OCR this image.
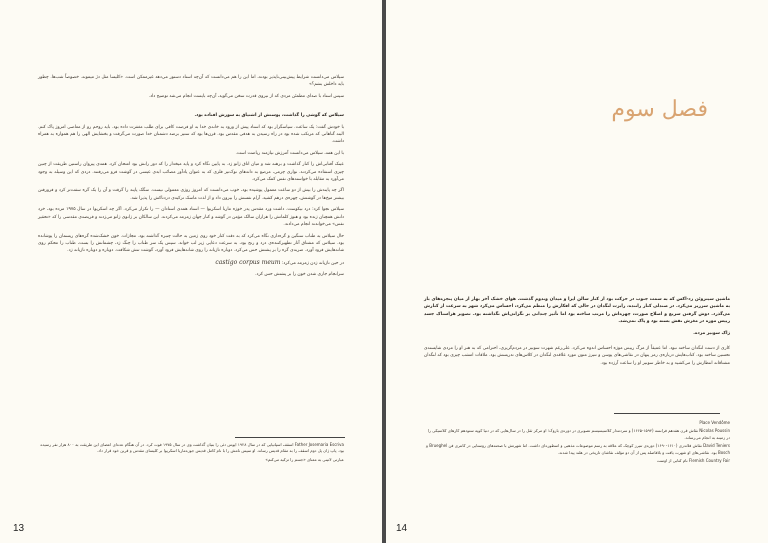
سیلاس می‌دانست شرایط پیش‌بینی‌ناپذیر بودند، اما این را هم می‌دانست که آن‌چه استاد دستور می‌دهد غیرممکن است. «کلیسا مثل دژ میمونه. خصوصاً شب‌ها. چطور باید داخلش بشم؟»

سپس استاد با صدای مطمئن مردی که از نیروی قدرت سخن می‌گوید، آن‌چه بایست انجام می‌شد توضیح داد.

سیلاس که گوشی را گذاشت، پوستش از اشتیاق به سوزش افتاده بود.

با خودش گفت: یک ساعت. سپاسگزار بود که استاد پیش از ورود به خانه‌ی خدا به او فرصت کافی برای طلب مغفرت داده بود. باید روحم رو از معاصی امروز پاک کنم. البته گناهانی که مرتکب شده بود در راه رسیدن به هدفی مقدس بود. قرن‌ها بود که ستیز برضد دشمنان خدا صورت می‌گرفت و بخشایش الهی را هم همواره به همراه داشت.

با این همه، سیلاس می‌دانست آمرزش نیازمند ریاضت است.

عینک آفتابی‌اش را کنار گذاشت و برهنه شد و میان اتاق زانو زد. به پایین نگاه کرد و پاید میخدار را که دور رانش بود امتحان کرد. همه‌ی پیروان راستین طریقت از چنین چیزی استفاده می‌کردند. نواری چرمی، مرصع به دانه‌های نوک‌تیز فلزی که به عنوان یادآور مصائب ابدی عیسی در گوشت فرو می‌رفتند. دردی که این وسیله به وجود می‌آورد به مقابله با خواسته‌های نفس کمک می‌کرد.

اگر چه پایندش را بیش از دو ساعت معمول پوشیده بود، خوب می‌دانست که امروز روزی معمولی نیست. سگک پاپند را گرفت و آن را یک گره سفت‌تر کرد و فرورفتن بیشتر میخ‌ها در گوشتش، چهره‌ی درهم کشید. آرام نفسش را بیرون داد و از لذت ماسک تزکیه‌ی دردناکش را پذیرا شد.

سیلاس نجوا کرد: درد نیکوست. داشت ورد مقدس پدر خوزه ماریا اسکریوا — استاد همه‌ی استادان — را تکرار می‌کرد. اگر چه اسکریوا در سال ۱۹۷۵ مرده بود، خرد دانش همچنان زنده بود و هنوز کلماتش را هزاران سالک مؤمن در گوشه و کنار جهان زمزمه می‌کردند. این سالکان بر زانوی زانو می‌زدند و فریضه‌ی مقدسی را که «تحقیر نفس» می‌خواندند انجام می‌دادند.

حال سیلاس به طناب سنگین و گره‌داری نگاه می‌کرد که به دقت کنار خود روی زمین به حالت چنبره گذاشته بود. مجازات. خون خشک‌شده گره‌های ریسمان را پوشانده بود. سیلاس که مشتاق آثار تطهیرکننده‌ی درد و رنج بود، به سرعت دعایی زیر لب خواند. سپس یک سر طناب را چنگ زد، چشمانش را بست، طناب را محکم روی شانه‌هایش فرود آورد. ضربه‌ی گره را بر پشتش حس می‌کرد. دوباره تازیانه را روی شانه‌هایش فرود آورد، گوشت تنش شکافت. دوباره و دوباره تازیانه زد.

در حین تازیانه زدن زمزمه می‌کرد: castigo corpus meum

سرانجام جاری شدن خون را بر پشتش حس کرد.

Father Josemaria Escriva اسقف اسپانیایی که در سال ۱۹۲۸ اپوس دئی را بنیان گذاشت وی در سال ۱۹۷۵ فوت کرد. در آن هنگام عده‌ای اعضای این طریقت به ۸۰۰ هزار نفر رسیده بود. پاپ ژان پل دوم اسقف را به مقام قدیس رساند. او سپس نامش را با نام کامل قدیس جوزه‌ماریا اسکریوا بر کلیسای مقدس و قرین خود قرار داد.

عبارتی لاتینی به معنای «جسم را تزکیه می‌کنم»

13
فصل سوم

ماشین سیتروئن زد-اکس که به سمت جنوب در حرکت بود از کنار سالن اپرا و میدان وندوم گذشت. هوای خشک آخر بهار از میان پنجره‌های باز به ماشین سرریز می‌کرد. در صندلی کنار راننده، رابرت لنگدان در حالی که افکارش را منظم می‌کرد، احساس می‌کرد شهر به سرعت از کنارش می‌گذرد. دوش گرفتن سریع و اصلاح صورت، چهره‌اش را مرتب ساخته بود اما تأثیر چندانی بر نگرانی‌اش نگذاشته بود. تصویر هراسناک جسد رییس موزه در مغزش نقش بسته بود و پاک نمی‌شد.

ژاک سونیر مرده.

کاری از دست لنگدان ساخته نبود. اما عمیقاً از مرگ رییس موزه احساس اندوه می‌کرد. علی‌رغم شهرت سونیر در مردم‌گریزی، احترامی که به هنر او را مردی شایسته‌ی تحسین ساخته بود. کتاب‌هایش درباره‌ی رمز پنهان در نقاشی‌های پوسن و تنیرز متون مورد علاقه‌ی لنگدان در کلاس‌های تدریسش بود. ملاقات امشب چیزی بود که لنگدان مشتاقانه انتظارش را می‌کشید و به خاطر سونیر او را ساعت آرزده بود.

Place Vendôme

Nicolas Poussin نقاش قرن هفدهم فرانسه (۱۵۹۴-۱۶۶۵) و سردمدار کلاسیسیسم تصویری در دوره‌ی باروک؛ او مرکز ثقل را در سال‌هایی که در دنیا کوپه ستودهم کارهای کلاسیکی را در زمینه به انجام می‌رساند.

David Teniers نقاش فلاندری (۱۶۱۰-۱۶۹۰) دوره‌ی تنیرز کوچک که علاقه به رسم موضوعات مذهبی و اسطوره‌ای داشت. اما شهرتش با صحنه‌های روستایی در کانتری فن Brueghel و Bosch بود. نقاشی‌های او شهرت یافت و بلافاصله پس از آن دو مؤلف نقاشان تاریخی در هلند پیدا شدند.

Flemish Country Fair نام کتابی از اوست

14
